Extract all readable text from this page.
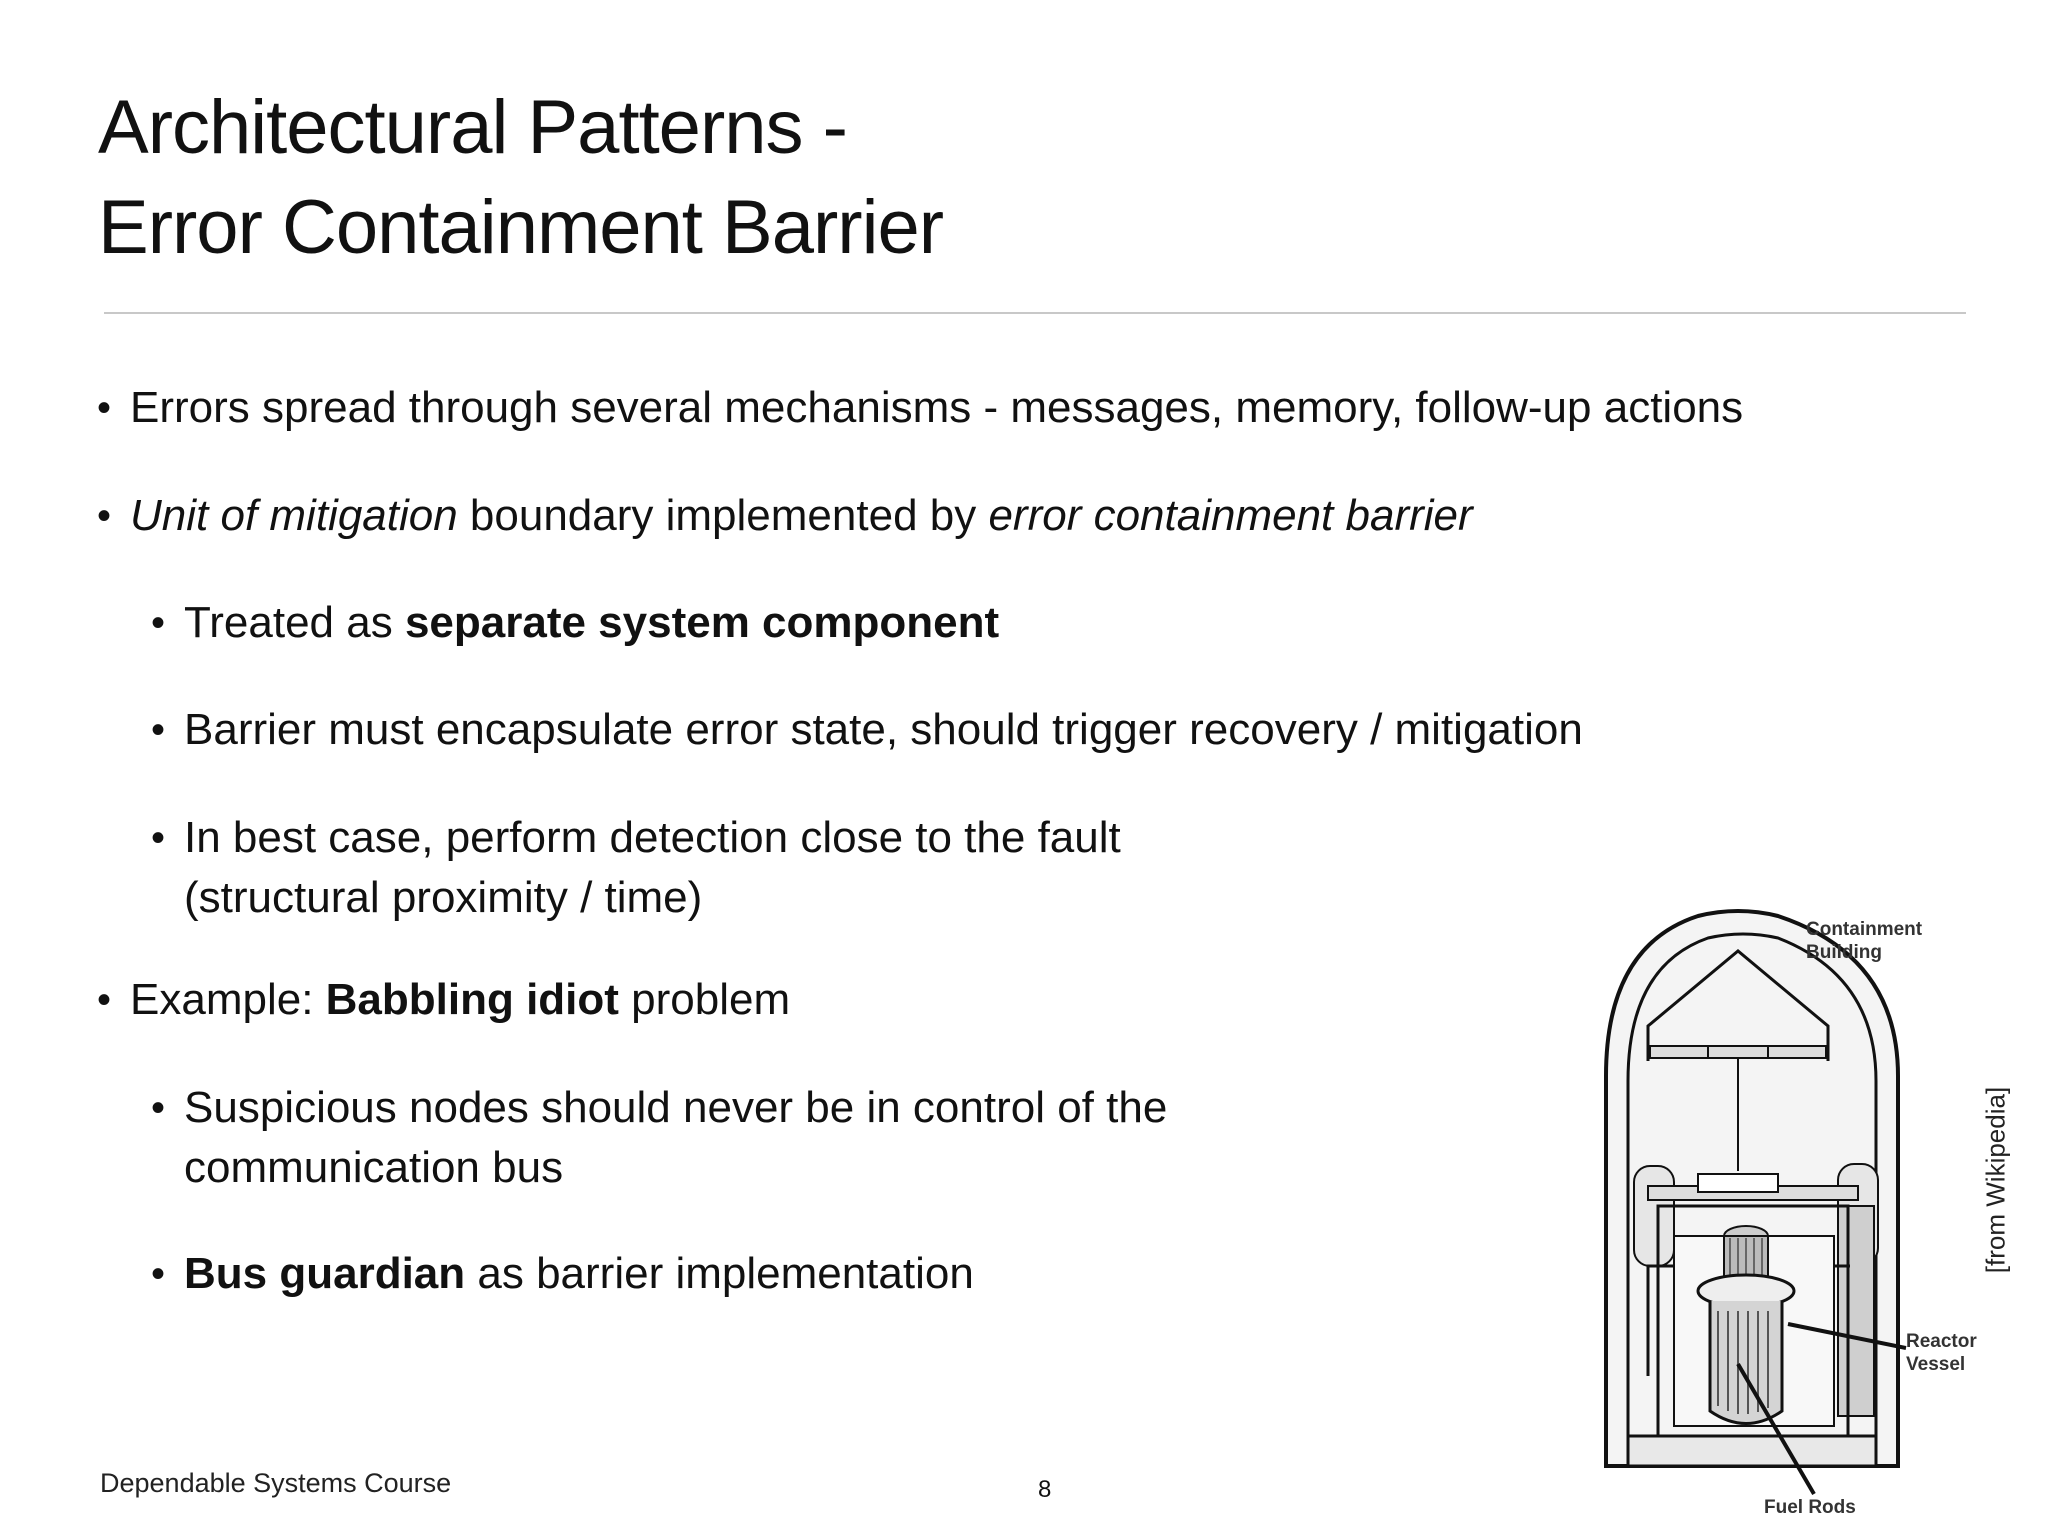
Architectural Patterns -
Error Containment Barrier
• Errors spread through several mechanisms - messages, memory, follow-up actions
• Unit of mitigation boundary implemented by error containment barrier
• Treated as separate system component
• Barrier must encapsulate error state, should trigger recovery / mitigation
• In best case, perform detection close to the fault
(structural proximity / time)
• Example: Babbling idiot problem
• Suspicious nodes should never be in control of the
communication bus
• Bus guardian as barrier implementation
Containment
Building
Reactor
Vessel
Fuel Rods
[from Wikipedia]
Dependable Systems Course	8
